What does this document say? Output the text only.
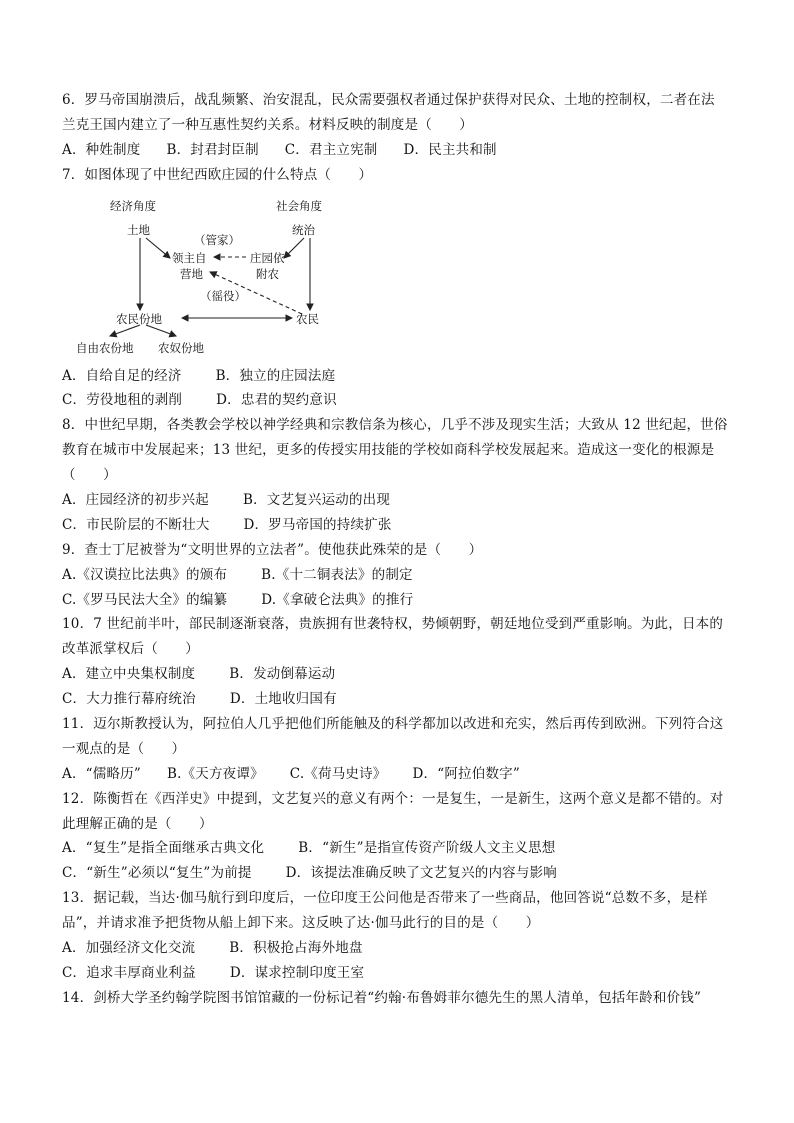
6．罗马帝国崩溃后，战乱频繁、治安混乱，民众需要强权者通过保护获得对民众、土地的控制权，二者在法
兰克王国内建立了一种互惠性契约关系。材料反映的制度是（　　）
A．种姓制度 B．封君封臣制 C．君主立宪制 D．民主共和制
7．如图体现了中世纪西欧庄园的什么特点（　　）
经济角度	社会角度
土地	统治
（管家）
领主自
营地
庄园依
附农
（徭役）
农民份地	农民
自由农份地 农奴份地
A．自给自足的经济	B．独立的庄园法庭
C．劳役地租的剥削	D．忠君的契约意识
8．中世纪早期，各类教会学校以神学经典和宗教信条为核心，几乎不涉及现实生活；大致从 12 世纪起，世俗
教育在城市中发展起来；13 世纪，更多的传授实用技能的学校如商科学校发展起来。造成这一变化的根源是
（　　）
A．庄园经济的初步兴起	B．文艺复兴运动的出现
C．市民阶层的不断壮大	D．罗马帝国的持续扩张
9．查士丁尼被誉为“文明世界的立法者”。使他获此殊荣的是（　　）
A.《汉谟拉比法典》的颁布	B.《十二铜表法》的制定
C.《罗马民法大全》的编纂	D.《拿破仑法典》的推行
10．7 世纪前半叶，部民制逐渐衰落，贵族拥有世袭特权，势倾朝野，朝廷地位受到严重影响。为此，日本的
改革派掌权后（　　）
A．建立中央集权制度	B．发动倒幕运动
C．大力推行幕府统治	D．土地收归国有
11．迈尔斯教授认为，阿拉伯人几乎把他们所能触及的科学都加以改进和充实，然后再传到欧洲。下列符合这
一观点的是（　　）
A．“儒略历” B.《天方夜谭》 C.《荷马史诗》 D．“阿拉伯数字”
12．陈衡哲在《西洋史》中提到，文艺复兴的意义有两个：一是复生，一是新生，这两个意义是都不错的。对
此理解正确的是（　　）
A．“复生”是指全面继承古典文化	B．“新生”是指宣传资产阶级人文主义思想
C．“新生”必须以“复生”为前提	D．该提法准确反映了文艺复兴的内容与影响
13．据记载，当达·伽马航行到印度后，一位印度王公问他是否带来了一些商品，他回答说“总数不多，是样
品”，并请求准予把货物从船上卸下来。这反映了达·伽马此行的目的是（　　）
A．加强经济文化交流	B．积极抢占海外地盘
C．追求丰厚商业利益	D．谋求控制印度王室
14．剑桥大学圣约翰学院图书馆馆藏的一份标记着“约翰·布鲁姆菲尔德先生的黑人清单，包括年龄和价钱”
